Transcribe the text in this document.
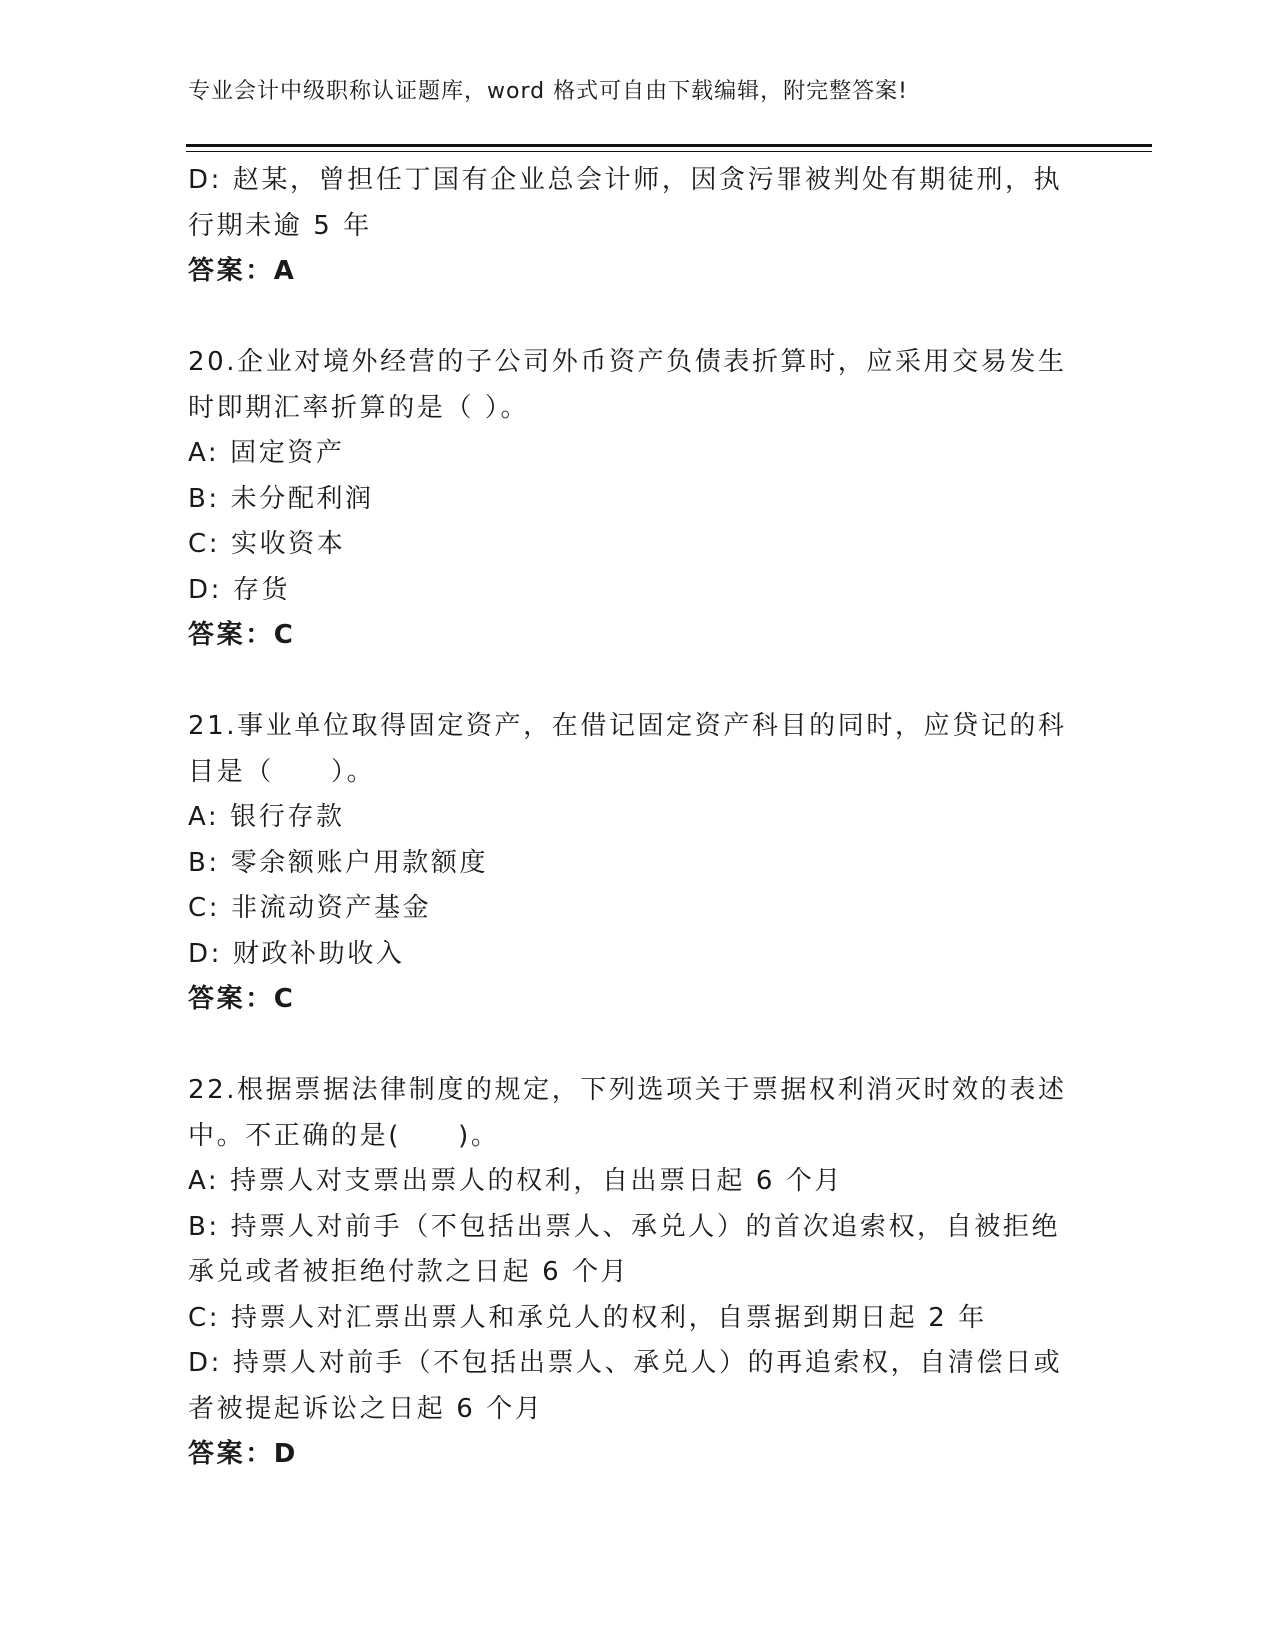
专业会计中级职称认证题库，word 格式可自由下载编辑，附完整答案!
D: 赵某，曾担任丁国有企业总会计师，因贪污罪被判处有期徒刑，执
行期未逾 5 年
答案：A
20.企业对境外经营的子公司外币资产负债表折算时，应采用交易发生
时即期汇率折算的是（ ）。
A: 固定资产
B: 未分配利润
C: 实收资本
D: 存货
答案：C
21.事业单位取得固定资产，在借记固定资产科目的同时，应贷记的科
目是（　　）。
A: 银行存款
B: 零余额账户用款额度
C: 非流动资产基金
D: 财政补助收入
答案：C
22.根据票据法律制度的规定，下列选项关于票据权利消灭时效的表述
中。不正确的是(　　)。
A: 持票人对支票出票人的权利，自出票日起 6 个月
B: 持票人对前手（不包括出票人、承兑人）的首次追索权，自被拒绝
承兑或者被拒绝付款之日起 6 个月
C: 持票人对汇票出票人和承兑人的权利，自票据到期日起 2 年
D: 持票人对前手（不包括出票人、承兑人）的再追索权，自清偿日或
者被提起诉讼之日起 6 个月
答案：D
